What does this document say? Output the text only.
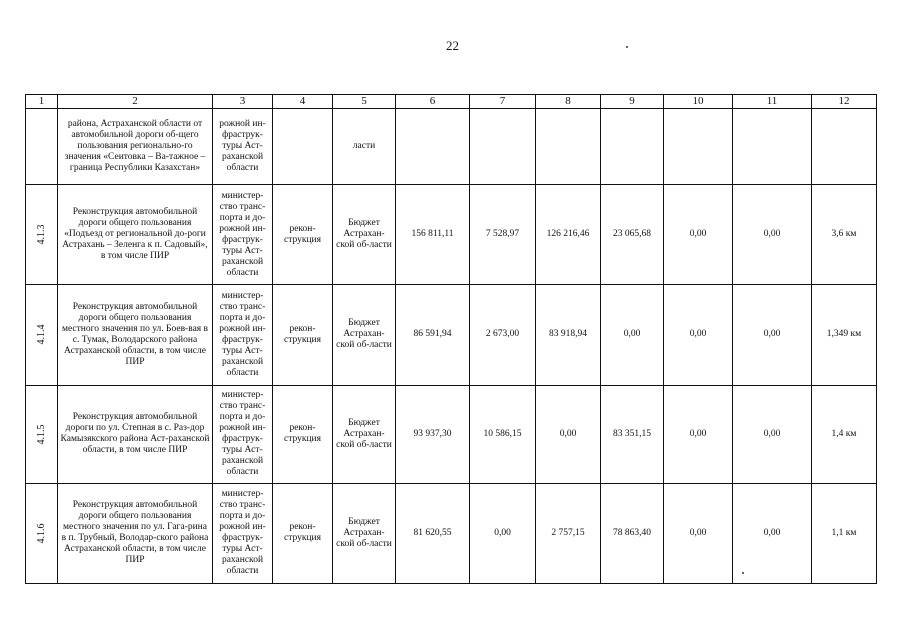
22
1	2	3	4	5	6	7	8	9	10	11	12
	района, Астраханской области от автомобильной дороги об-щего пользования регионально-го значения «Сеитовка – Ва-тажное – граница Республики Казахстан»	рожной ин-фраструк-туры Аст-раханской области		ласти							

4.1.3	Реконструкция автомобильной дороги общего пользования «Подъезд от региональной до-роги Астрахань – Зеленга к п. Садовый», в том числе ПИР	министер-ство транс-порта и до-рожной ин-фраструк-туры Аст-раханской области	рекон-струкция	Бюджет Астрахан-ской об-ласти	156 811,11	7 528,97	126 216,46	23 065,68	0,00	0,00	3,6 км

4.1.4	Реконструкция автомобильной дороги общего пользования местного значения по ул. Боев-вая в с. Тумак, Володарского района Астраханской области, в том числе ПИР	министер-ство транс-порта и до-рожной ин-фраструк-туры Аст-раханской области	рекон-струкция	Бюджет Астрахан-ской об-ласти	86 591,94	2 673,00	83 918,94	0,00	0,00	0,00	1,349 км

4.1.5	Реконструкция автомобильной дороги по ул. Степная в с. Раз-дор Камызякского района Аст-раханской области, в том числе ПИР	министер-ство транс-порта и до-рожной ин-фраструк-туры Аст-раханской области	рекон-струкция	Бюджет Астрахан-ской об-ласти	93 937,30	10 586,15	0,00	83 351,15	0,00	0,00	1,4 км

4.1.6	Реконструкция автомобильной дороги общего пользования местного значения по ул. Гага-рина в п. Трубный, Володар-ского района Астраханской области, в том числе ПИР	министер-ство транс-порта и до-рожной ин-фраструк-туры Аст-раханской области	рекон-струкция	Бюджет Астрахан-ской об-ласти	81 620,55	0,00	2 757,15	78 863,40	0,00	0,00	1,1 км
